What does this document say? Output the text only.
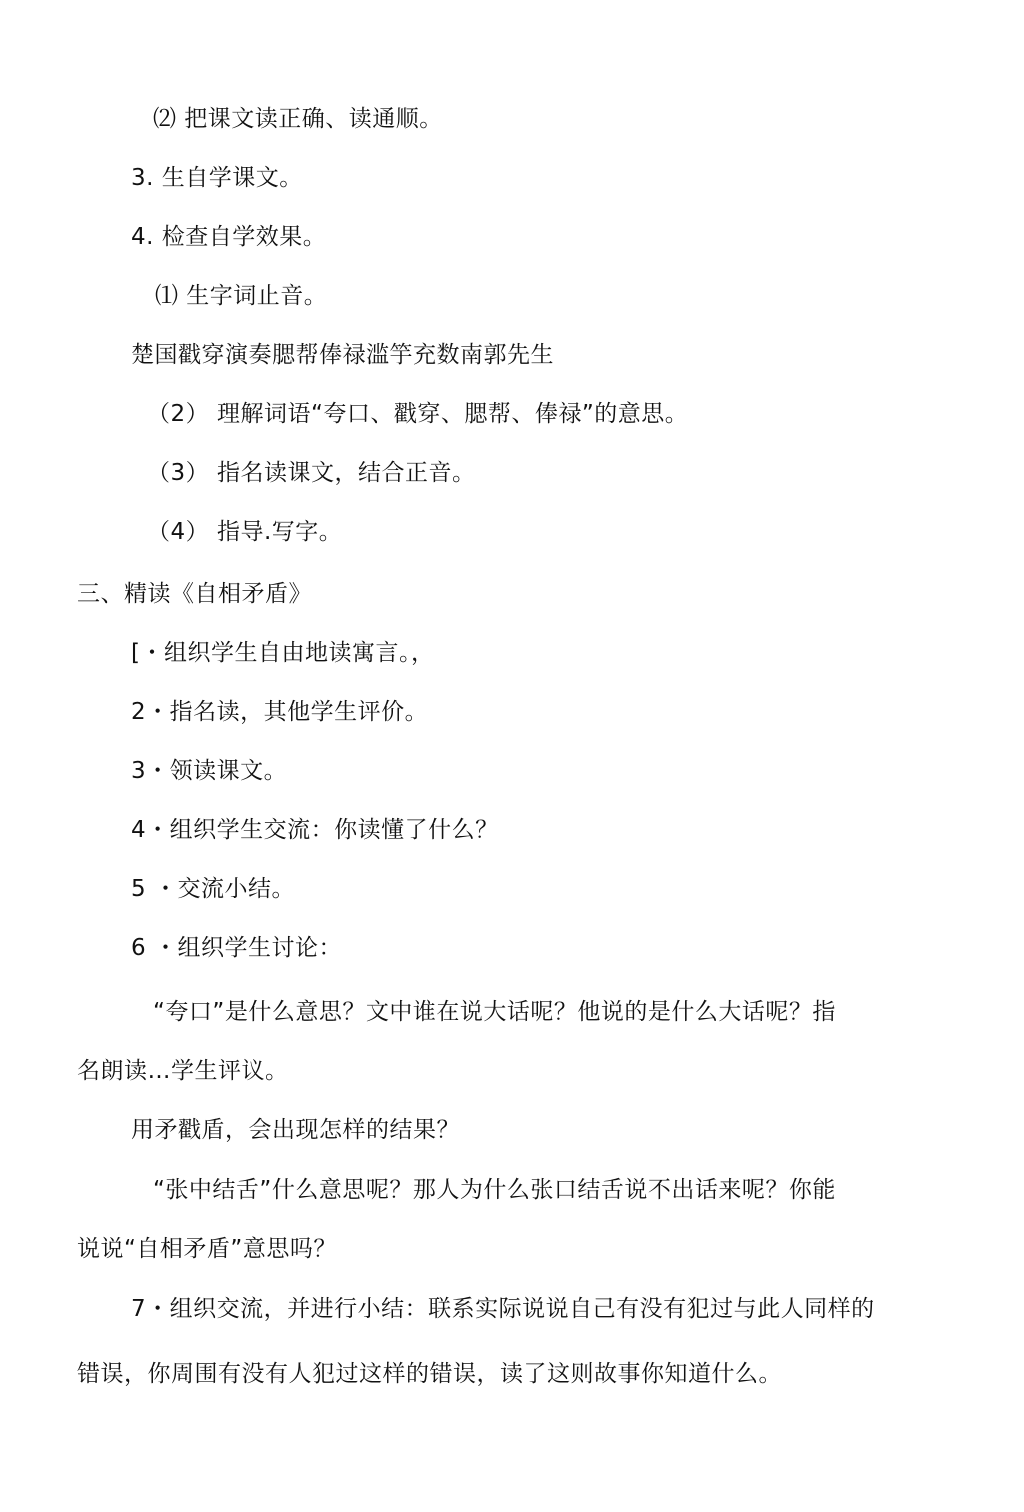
⑵ 把课文读正确、读通顺。
3. 生自学课文。
4. 检查自学效果。
⑴ 生字词止音。
楚国戳穿演奏腮帮俸禄滥竽充数南郭先生
（2） 理解词语“夸口、戳穿、腮帮、俸禄”的意思。
（3） 指名读课文，结合正音。
（4） 指导.写字。
三、精读《自相矛盾》
[・组织学生自由地读寓言。，
2・指名读，其他学生评价。
3・领读课文。
4・组织学生交流：你读懂了什么？
5 ・交流小结。
6 ・组织学生讨论：
“夸口”是什么意思？文中谁在说大话呢？他说的是什么大话呢？指
名朗读…学生评议。
用矛戳盾，会出现怎样的结果？
“张中结舌”什么意思呢？那人为什么张口结舌说不出话来呢？你能
说说“自相矛盾”意思吗？
7・组织交流，并进行小结：联系实际说说自己有没有犯过与此人同样的
错误，你周围有没有人犯过这样的错误，读了这则故事你知道什么。
